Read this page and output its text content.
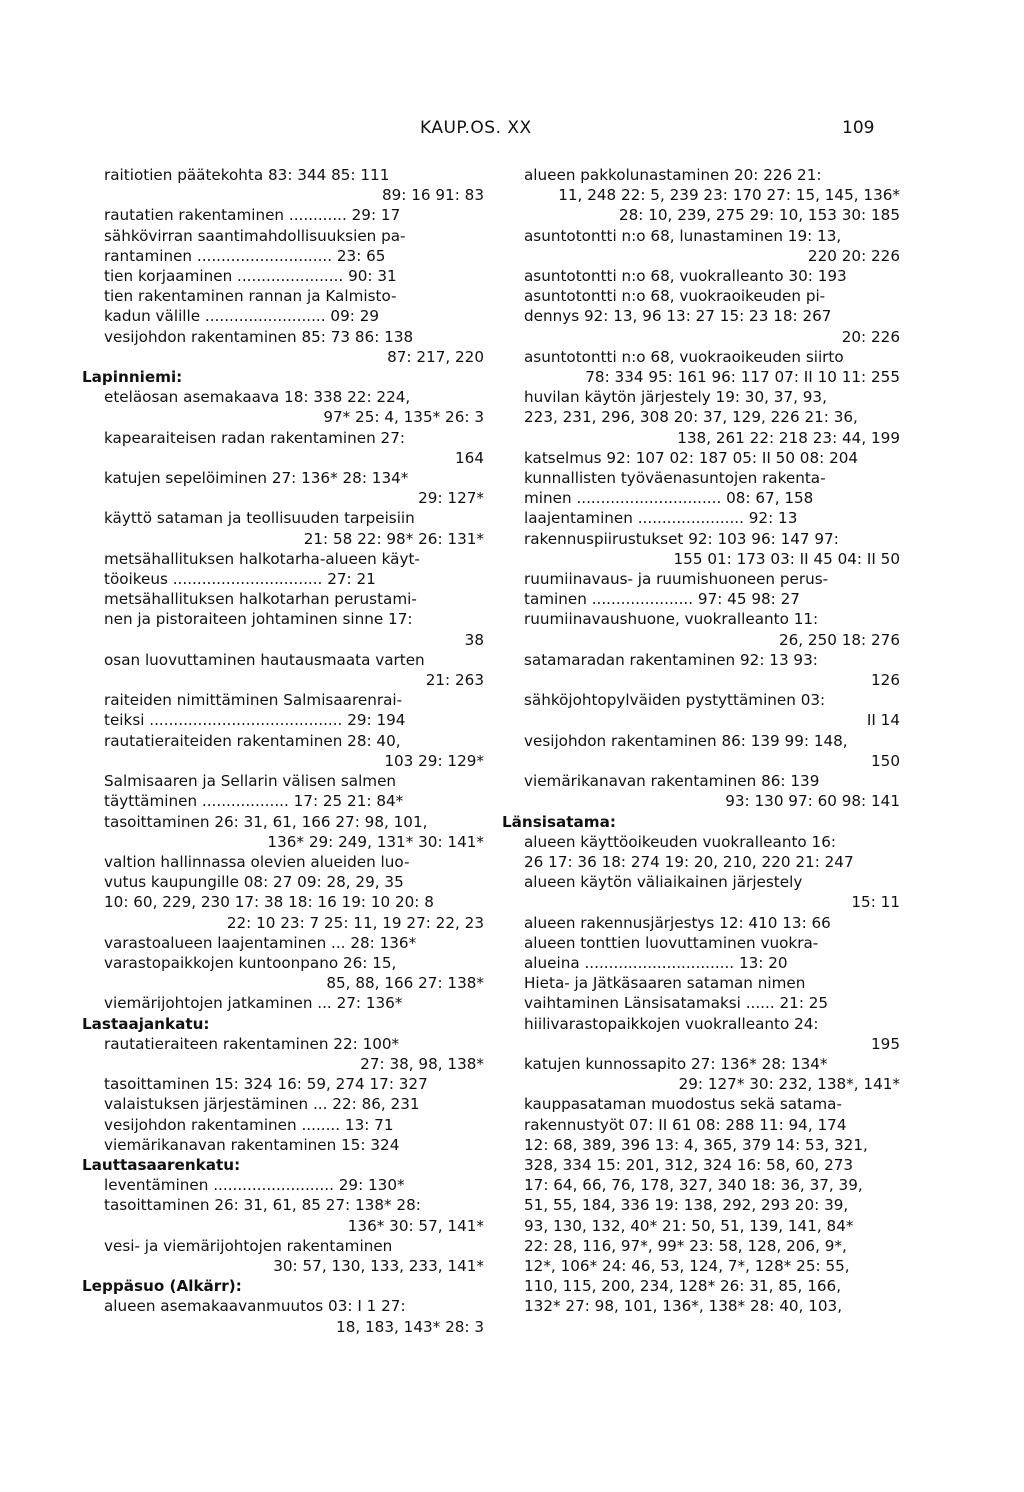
KAUP.OS. XX	109

raitiotien päätekohta 83: 344 85: 111

89: 16 91: 83

rautatien rakentaminen ............ 29: 17

sähkövirran saantimahdollisuuksien pa-

rantaminen ............................ 23: 65

tien korjaaminen ...................... 90: 31

tien rakentaminen rannan ja Kalmisto-

kadun välille ......................... 09: 29

vesijohdon rakentaminen 85: 73 86: 138

87: 217, 220

Lapinniemi:

eteläosan asemakaava 18: 338 22: 224,

97* 25: 4, 135* 26: 3

kapearaiteisen radan rakentaminen 27:

164

katujen sepelöiminen 27: 136* 28: 134*

29: 127*

käyttö sataman ja teollisuuden tarpeisiin

21: 58 22: 98* 26: 131*

metsähallituksen halkotarha-alueen käyt-

töoikeus ............................... 27: 21

metsähallituksen halkotarhan perustami-

nen ja pistoraiteen johtaminen sinne 17:

38

osan luovuttaminen hautausmaata varten

21: 263

raiteiden nimittäminen Salmisaarenrai-

teiksi ........................................ 29: 194

rautatieraiteiden rakentaminen 28: 40,

103 29: 129*

Salmisaaren ja Sellarin välisen salmen

täyttäminen .................. 17: 25 21: 84*

tasoittaminen 26: 31, 61, 166 27: 98, 101,

136* 29: 249, 131* 30: 141*

valtion hallinnassa olevien alueiden luo-

vutus kaupungille 08: 27 09: 28, 29, 35

10: 60, 229, 230 17: 38 18: 16 19: 10 20: 8

22: 10 23: 7 25: 11, 19 27: 22, 23

varastoalueen laajentaminen ... 28: 136*

varastopaikkojen kuntoonpano 26: 15,

85, 88, 166 27: 138*

viemärijohtojen jatkaminen ... 27: 136*

Lastaajankatu:

rautatieraiteen rakentaminen 22: 100*

27: 38, 98, 138*

tasoittaminen 15: 324 16: 59, 274 17: 327

valaistuksen järjestäminen ... 22: 86, 231

vesijohdon rakentaminen ........ 13: 71

viemärikanavan rakentaminen 15: 324

Lauttasaarenkatu:

leventäminen ......................... 29: 130*

tasoittaminen 26: 31, 61, 85 27: 138* 28:

136* 30: 57, 141*

vesi- ja viemärijohtojen rakentaminen

30: 57, 130, 133, 233, 141*

Leppäsuo (Alkärr):

alueen asemakaavanmuutos 03: I 1 27:

18, 183, 143* 28: 3

alueen pakkolunastaminen 20: 226 21:

11, 248 22: 5, 239 23: 170 27: 15, 145, 136*

28: 10, 239, 275 29: 10, 153 30: 185

asuntotontti n:o 68, lunastaminen 19: 13,

220 20: 226

asuntotontti n:o 68, vuokralleanto 30: 193

asuntotontti n:o 68, vuokraoikeuden pi-

dennys 92: 13, 96 13: 27 15: 23 18: 267

20: 226

asuntotontti n:o 68, vuokraoikeuden siirto

78: 334 95: 161 96: 117 07: II 10 11: 255

huvilan käytön järjestely 19: 30, 37, 93,

223, 231, 296, 308 20: 37, 129, 226 21: 36,

138, 261 22: 218 23: 44, 199

katselmus 92: 107 02: 187 05: II 50 08: 204

kunnallisten työväenasuntojen rakenta-

minen .............................. 08: 67, 158

laajentaminen ...................... 92: 13

rakennuspiirustukset 92: 103 96: 147 97:

155 01: 173 03: II 45 04: II 50

ruumiinavaus- ja ruumishuoneen perus-

taminen ..................... 97: 45 98: 27

ruumiinavaushuone, vuokralleanto 11:

26, 250 18: 276

satamaradan rakentaminen 92: 13 93:

126

sähköjohtopylväiden pystyttäminen 03:

II 14

vesijohdon rakentaminen 86: 139 99: 148,

150

viemärikanavan rakentaminen 86: 139

93: 130 97: 60 98: 141

Länsisatama:

alueen käyttöoikeuden vuokralleanto 16:

26 17: 36 18: 274 19: 20, 210, 220 21: 247

alueen käytön väliaikainen järjestely

15: 11

alueen rakennusjärjestys 12: 410 13: 66

alueen tonttien luovuttaminen vuokra-

alueina ............................... 13: 20

Hieta- ja Jätkäsaaren sataman nimen

vaihtaminen Länsisatamaksi ...... 21: 25

hiilivarastopaikkojen vuokralleanto 24:

195

katujen kunnossapito 27: 136* 28: 134*

29: 127* 30: 232, 138*, 141*

kauppasataman muodostus sekä satama-

rakennustyöt 07: II 61 08: 288 11: 94, 174

12: 68, 389, 396 13: 4, 365, 379 14: 53, 321,

328, 334 15: 201, 312, 324 16: 58, 60, 273

17: 64, 66, 76, 178, 327, 340 18: 36, 37, 39,

51, 55, 184, 336 19: 138, 292, 293 20: 39,

93, 130, 132, 40* 21: 50, 51, 139, 141, 84*

22: 28, 116, 97*, 99* 23: 58, 128, 206, 9*,

12*, 106* 24: 46, 53, 124, 7*, 128* 25: 55,

110, 115, 200, 234, 128* 26: 31, 85, 166,

132* 27: 98, 101, 136*, 138* 28: 40, 103,
